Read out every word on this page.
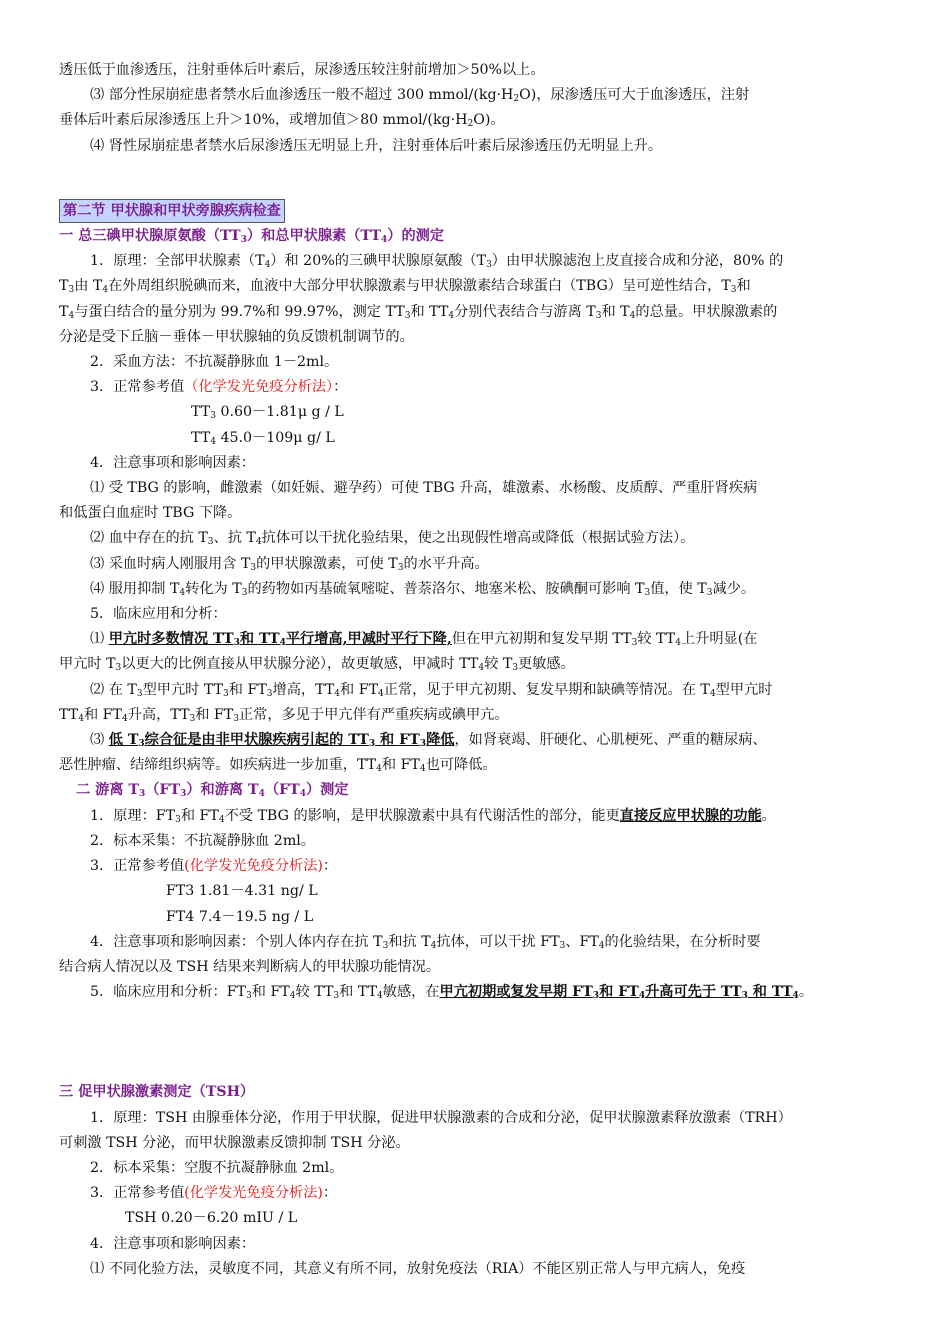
透压低于血渗透压，注射垂体后叶素后，尿渗透压较注射前增加＞50%以上。

⑶ 部分性尿崩症患者禁水后血渗透压一般不超过 300 mmol/$(kg\cdot H_2O)$，尿渗透压可大于血渗透压，注射

垂体后叶素后尿渗透压上升＞10%，或增加值＞80 mmol/$(kg\cdot H_2O)$。

⑷ 肾性尿崩症患者禁水后尿渗透压无明显上升，注射垂体后叶素后尿渗透压仍无明显上升。

第二节 甲状腺和甲状旁腺疾病检查

一 总三碘甲状腺原氨酸$(TT_3)$和总甲状腺素$(TT_4)$的测定

1．原理：全部甲状腺素$(T_4)$和 20%的三碘甲状腺原氨酸$(T_3)$由甲状腺滤泡上皮直接合成和分泌，80% 的

$T_3$由 $T_4$在外周组织脱碘而来，血液中大部分甲状腺激素与甲状腺激素结合球蛋白（TBG）呈可逆性结合，$T_3$和

$T_4$与蛋白结合的量分别为 99.7%和 99.97%，测定 $TT_3$和 $TT_4$分别代表结合与游离 $T_3$和 $T_4$的总量。甲状腺激素的

分泌是受下丘脑－垂体－甲状腺轴的负反馈机制调节的。

2．采血方法：不抗凝静脉血 1－2ml。

3．正常参考值（化学发光免疫分析法）：

$TT_3$ 0.60－1.81μ g / L

$TT_4$ 45.0－109μ g/ L

4．注意事项和影响因素：

⑴ 受 TBG 的影响，雌激素（如妊娠、避孕药）可使 TBG 升高，雄激素、水杨酸、皮质醇、严重肝肾疾病

和低蛋白血症时 TBG 下降。

⑵ 血中存在的抗 $T_3$、抗 $T_4$抗体可以干扰化验结果，使之出现假性增高或降低（根据试验方法）。

⑶ 采血时病人刚服用含 $T_3$的甲状腺激素，可使 $T_3$的水平升高。

⑷ 服用抑制 $T_4$转化为 $T_3$的药物如丙基硫氧嘧啶、普萘洛尔、地塞米松、胺碘酮可影响 $T_3$值，使 $T_3$减少。

5．临床应用和分析：

⑴ 甲亢时多数情况 $TT_3$和 $TT_4$平行增高,甲减时平行下降,但在甲亢初期和复发早期 $TT_3$较 $TT_4$上升明显(在

甲亢时 $T_3$以更大的比例直接从甲状腺分泌），故更敏感，甲减时 $TT_4$较 $T_3$更敏感。

⑵ 在 $T_3$型甲亢时 $TT_3$和 $FT_3$增高，$TT_4$和 $FT_4$正常，见于甲亢初期、复发早期和缺碘等情况。在 $T_4$型甲亢时

$TT_4$和 $FT_4$升高，$TT_3$和 $FT_3$正常，多见于甲亢伴有严重疾病或碘甲亢。

⑶ 低 $T_3$综合征是由非甲状腺疾病引起的 $TT_3$ 和 $FT_3$降低，如肾衰竭、肝硬化、心肌梗死、严重的糖尿病、

恶性肿瘤、结缔组织病等。如疾病进一步加重，$TT_4$和 $FT_4$也可降低。

二 游离 $T_3(FT_3)$和游离 $T_4(FT_4)$测定

1．原理：$FT_3$和 $FT_4$不受 TBG 的影响，是甲状腺激素中具有代谢活性的部分，能更直接反应甲状腺的功能。

2．标本采集：不抗凝静脉血 2ml。

3．正常参考值(化学发光免疫分析法)：

FT3 1.81－4.31 ng/ L

FT4 7.4－19.5 ng / L

4．注意事项和影响因素：个别人体内存在抗 $T_3$和抗 $T_4$抗体，可以干扰 $FT_3$、$FT_4$的化验结果，在分析时要

结合病人情况以及 TSH 结果来判断病人的甲状腺功能情况。

5．临床应用和分析：$FT_3$和 $FT_4$较 $TT_3$和 $TT_4$敏感，在甲亢初期或复发早期 $FT_3$和 $FT_4$升高可先于 $TT_3$ 和 $TT_4$。

三 促甲状腺激素测定（TSH）

1．原理：TSH 由腺垂体分泌，作用于甲状腺，促进甲状腺激素的合成和分泌，促甲状腺激素释放激素（TRH）

可刺激 TSH 分泌，而甲状腺激素反馈抑制 TSH 分泌。

2．标本采集：空腹不抗凝静脉血 2ml。

3．正常参考值(化学发光免疫分析法)：

TSH 0.20－6.20 mIU / L

4．注意事项和影响因素：

⑴ 不同化验方法，灵敏度不同，其意义有所不同，放射免疫法（RIA）不能区别正常人与甲亢病人，免疫
